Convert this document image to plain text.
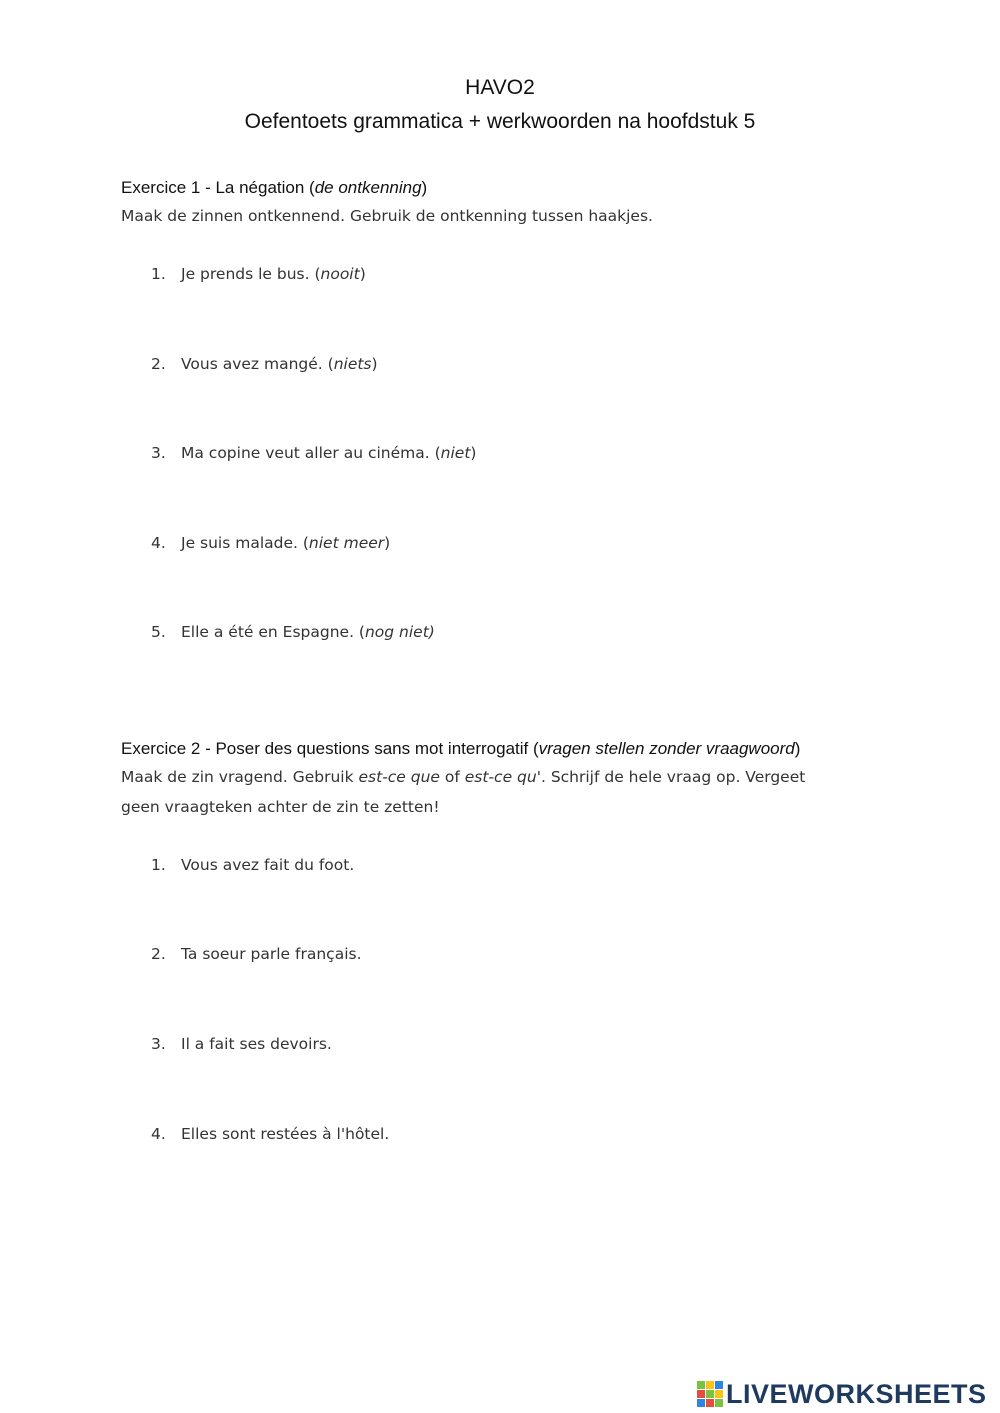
HAVO2
Oefentoets grammatica + werkwoorden na hoofdstuk 5
Exercice 1 - La négation (de ontkenning)
Maak de zinnen ontkennend. Gebruik de ontkenning tussen haakjes.
1. Je prends le bus. (nooit)
2. Vous avez mangé. (niets)
3. Ma copine veut aller au cinéma. (niet)
4. Je suis malade. (niet meer)
5. Elle a été en Espagne. (nog niet)
Exercice 2 - Poser des questions sans mot interrogatif (vragen stellen zonder vraagwoord)
Maak de zin vragend. Gebruik est-ce que of est-ce qu'. Schrijf de hele vraag op. Vergeet
geen vraagteken achter de zin te zetten!
1. Vous avez fait du foot.
2. Ta soeur parle français.
3. Il a fait ses devoirs.
4. Elles sont restées à l'hôtel.
LIVEWORKSHEETS
